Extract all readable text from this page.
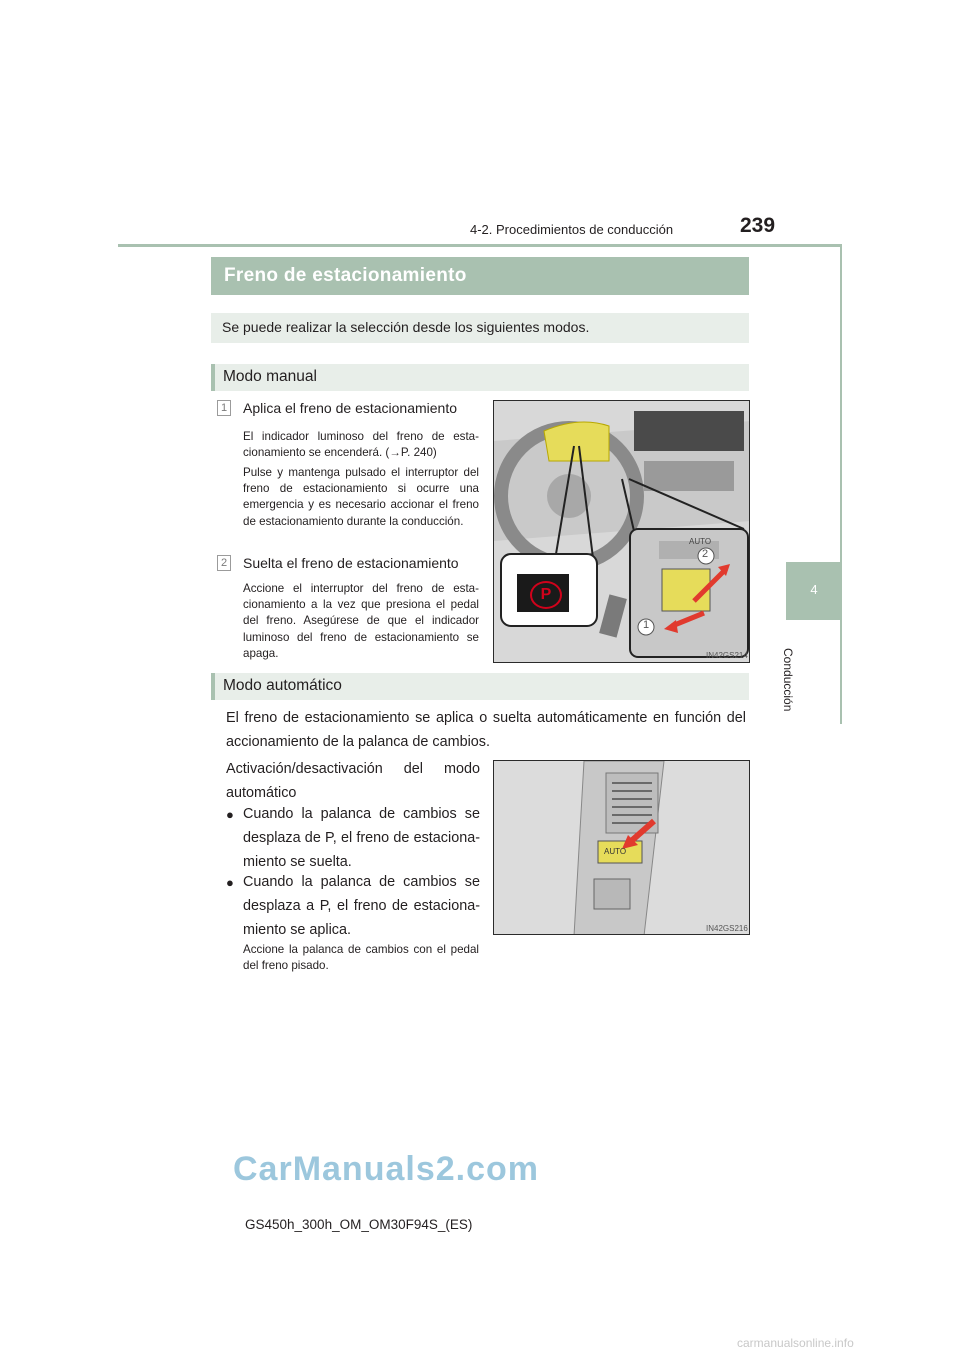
4-2. Procedimientos de conducción	239
4
Conducción
Freno de estacionamiento
Se puede realizar la selección desde los siguientes modos.
Modo manual
1 Aplica el freno de estacionamiento
El indicador luminoso del freno de esta- cionamiento se encenderá. (→P. 240)
Pulse y mantenga pulsado el interruptor del freno de estacionamiento si ocurre una emergencia y es necesario accionar el freno de estacionamiento durante la conducción.
2 Suelta el freno de estacionamiento
Accione el interruptor del freno de esta- cionamiento a la vez que presiona el pedal del freno. Asegúrese de que el indicador luminoso del freno de estacionamiento se apaga.
P
AUTO
2
1
IN42GS214
Modo automático
El freno de estacionamiento se aplica o suelta automáticamente en función del accionamiento de la palanca de cambios.
Activación/desactivación del modo automático
● Cuando la palanca de cambios se desplaza de P, el freno de estaciona- miento se suelta.
● Cuando la palanca de cambios se desplaza a P, el freno de estaciona- miento se aplica.
Accione la palanca de cambios con el pedal del freno pisado.
AUTO
IN42GS216
CarManuals2.com
GS450h_300h_OM_OM30F94S_(ES)
carmanualsonline.info
